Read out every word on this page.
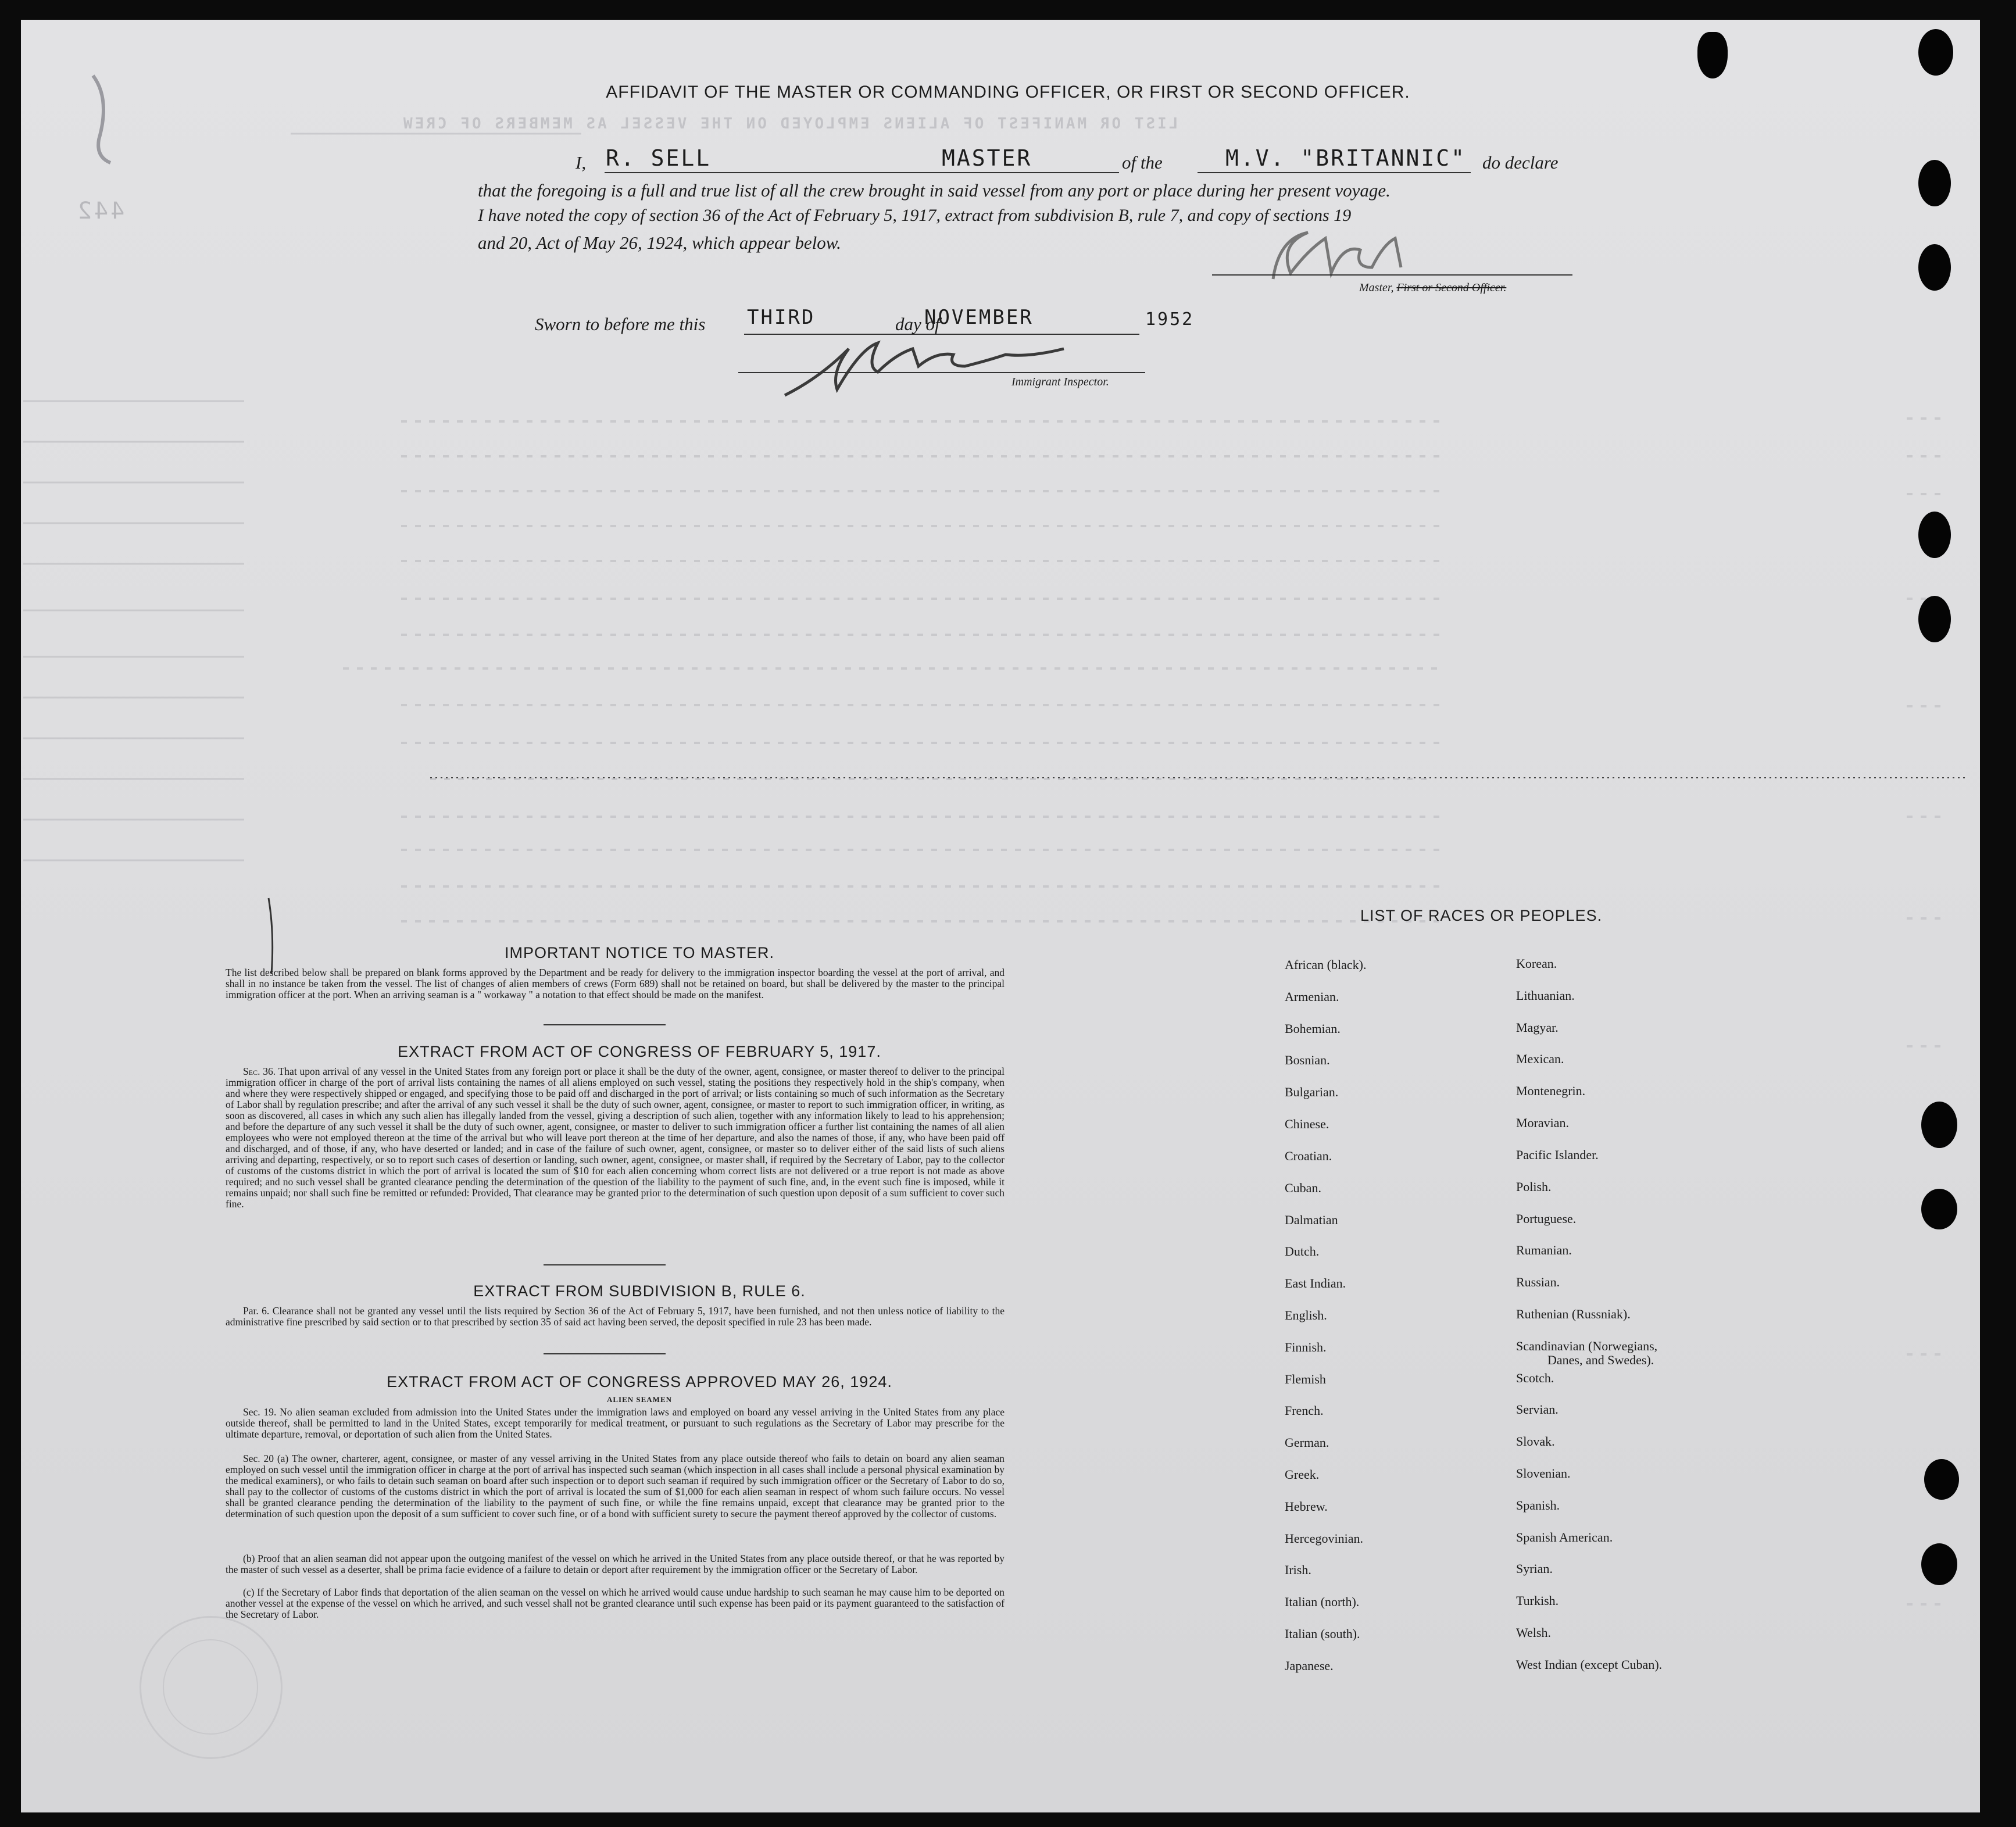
LIST OR MANIFEST OF ALIENS EMPLOYED ON THE VESSEL AS MEMBERS OF CREW
442
AFFIDAVIT OF THE MASTER OR COMMANDING OFFICER, OR FIRST OR SECOND OFFICER.
I, R. SELL	MASTER	of the	M.V. "BRITANNIC" do declare
that the foregoing is a full and true list of all the crew brought in said vessel from any port or place during her present voyage.
I have noted the copy of section 36 of the Act of February 5, 1917, extract from subdivision B, rule 7, and copy of sections 19
and 20, Act of May 26, 1924, which appear below.
Master, First or Second Officer.
Sworn to before me this THIRD	day of
NOVEMBER	1952
Immigrant Inspector.
IMPORTANT NOTICE TO MASTER.
The list described below shall be prepared on blank forms approved by the Department and be ready for delivery to the immigration inspector boarding the vessel at the port of arrival, and shall in no instance be taken from the vessel. The list of changes of alien members of crews (Form 689) shall not be retained on board, but shall be delivered by the master to the principal immigration officer at the port. When an arriving seaman is a " workaway " a notation to that effect should be made on the manifest.
EXTRACT FROM ACT OF CONGRESS OF FEBRUARY 5, 1917.
Sec. 36. That upon arrival of any vessel in the United States from any foreign port or place it shall be the duty of the owner, agent, consignee, or master thereof to deliver to the principal immigration officer in charge of the port of arrival lists containing the names of all aliens employed on such vessel, stating the positions they respectively hold in the ship's company, when and where they were respectively shipped or engaged, and specifying those to be paid off and discharged in the port of arrival; or lists containing so much of such information as the Secretary of Labor shall by regulation prescribe; and after the arrival of any such vessel it shall be the duty of such owner, agent, consignee, or master to report to such immigration officer, in writing, as soon as discovered, all cases in which any such alien has illegally landed from the vessel, giving a description of such alien, together with any information likely to lead to his apprehension; and before the departure of any such vessel it shall be the duty of such owner, agent, consignee, or master to deliver to such immigration officer a further list containing the names of all alien employees who were not employed thereon at the time of the arrival but who will leave port thereon at the time of her departure, and also the names of those, if any, who have been paid off and discharged, and of those, if any, who have deserted or landed; and in case of the failure of such owner, agent, consignee, or master so to deliver either of the said lists of such aliens arriving and departing, respectively, or so to report such cases of desertion or landing, such owner, agent, consignee, or master shall, if required by the Secretary of Labor, pay to the collector of customs of the customs district in which the port of arrival is located the sum of $10 for each alien concerning whom correct lists are not delivered or a true report is not made as above required; and no such vessel shall be granted clearance pending the determination of the question of the liability to the payment of such fine, and, in the event such fine is imposed, while it remains unpaid; nor shall such fine be remitted or refunded: Provided, That clearance may be granted prior to the determination of such question upon deposit of a sum sufficient to cover such fine.
EXTRACT FROM SUBDIVISION B, RULE 6.
Par. 6. Clearance shall not be granted any vessel until the lists required by Section 36 of the Act of February 5, 1917, have been furnished, and not then unless notice of liability to the administrative fine prescribed by said section or to that prescribed by section 35 of said act having been served, the deposit specified in rule 23 has been made.
EXTRACT FROM ACT OF CONGRESS APPROVED MAY 26, 1924.
ALIEN SEAMEN
Sec. 19. No alien seaman excluded from admission into the United States under the immigration laws and employed on board any vessel arriving in the United States from any place outside thereof, shall be permitted to land in the United States, except temporarily for medical treatment, or pursuant to such regulations as the Secretary of Labor may prescribe for the ultimate departure, removal, or deportation of such alien from the United States.
Sec. 20 (a) The owner, charterer, agent, consignee, or master of any vessel arriving in the United States from any place outside thereof who fails to detain on board any alien seaman employed on such vessel until the immigration officer in charge at the port of arrival has inspected such seaman (which inspection in all cases shall include a personal physical examination by the medical examiners), or who fails to detain such seaman on board after such inspection or to deport such seaman if required by such immigration officer or the Secretary of Labor to do so, shall pay to the collector of customs of the customs district in which the port of arrival is located the sum of $1,000 for each alien seaman in respect of whom such failure occurs. No vessel shall be granted clearance pending the determination of the liability to the payment of such fine, or while the fine remains unpaid, except that clearance may be granted prior to the determination of such question upon the deposit of a sum sufficient to cover such fine, or of a bond with sufficient surety to secure the payment thereof approved by the collector of customs.
(b) Proof that an alien seaman did not appear upon the outgoing manifest of the vessel on which he arrived in the United States from any place outside thereof, or that he was reported by the master of such vessel as a deserter, shall be prima facie evidence of a failure to detain or deport after requirement by the immigration officer or the Secretary of Labor.
(c) If the Secretary of Labor finds that deportation of the alien seaman on the vessel on which he arrived would cause undue hardship to such seaman he may cause him to be deported on another vessel at the expense of the vessel on which he arrived, and such vessel shall not be granted clearance until such expense has been paid or its payment guaranteed to the satisfaction of the Secretary of Labor.
LIST OF RACES OR PEOPLES.
African (black).
Armenian.
Bohemian.
Bosnian.
Bulgarian.
Chinese.
Croatian.
Cuban.
Dalmatian
Dutch.
East Indian.
English.
Finnish.
Flemish
French.
German.
Greek.
Hebrew.
Hercegovinian.
Irish.
Italian (north).
Italian (south).
Japanese.
Korean.
Lithuanian.
Magyar.
Mexican.
Montenegrin.
Moravian.
Pacific Islander.
Polish.
Portuguese.
Rumanian.
Russian.
Ruthenian (Russniak).
Scandinavian (Norwegians,
Danes, and Swedes).
Scotch.
Servian.
Slovak.
Slovenian.
Spanish.
Spanish American.
Syrian.
Turkish.
Welsh.
West Indian (except Cuban).
